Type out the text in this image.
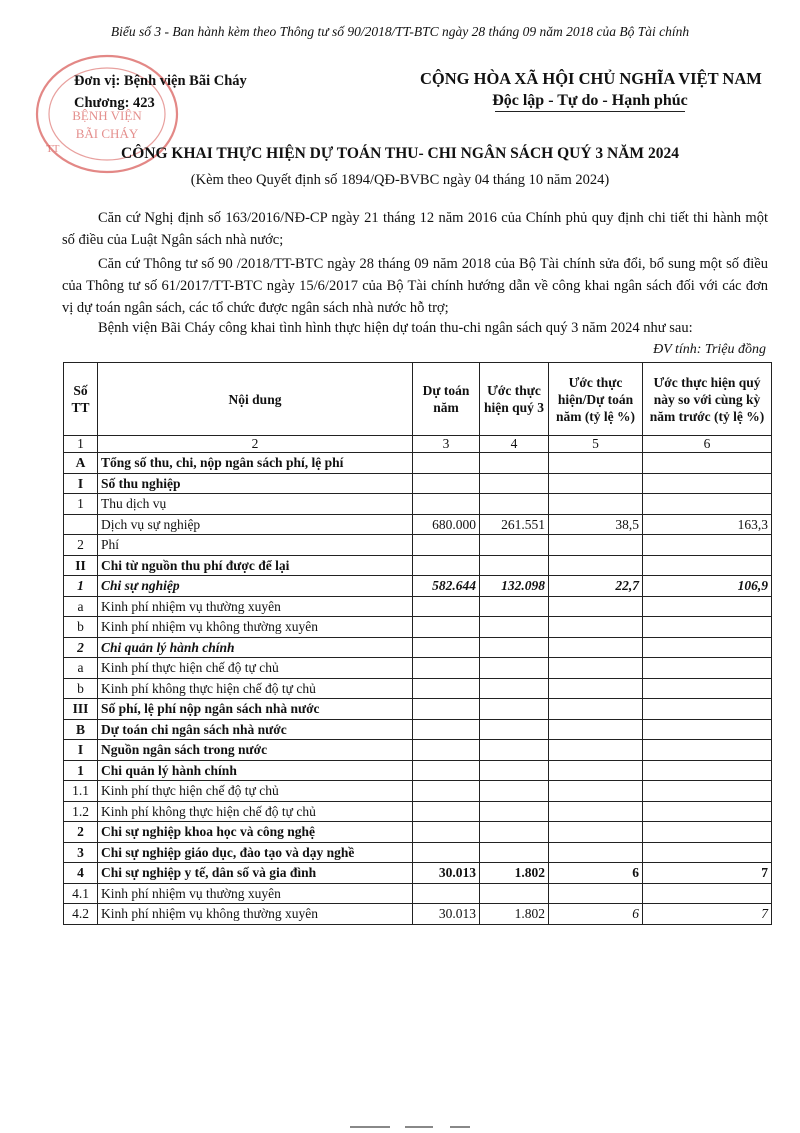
Biểu số 3 - Ban hành kèm theo Thông tư số 90/2018/TT-BTC ngày 28 tháng 09 năm 2018 của Bộ Tài chính
BỆNH VIỆN
BÃI CHÁY
TT
Đơn vị: Bệnh viện Bãi Cháy
Chương: 423
CỘNG HÒA XÃ HỘI CHỦ NGHĨA VIỆT NAM
Độc lập - Tự do - Hạnh phúc
CÔNG KHAI THỰC HIỆN DỰ TOÁN THU- CHI NGÂN SÁCH QUÝ 3 NĂM 2024
(Kèm theo Quyết định số 1894/QĐ-BVBC ngày 04 tháng 10 năm 2024)
Căn cứ Nghị định số 163/2016/NĐ-CP ngày 21 tháng 12 năm 2016 của Chính phủ quy định chi tiết thi hành một số điều của Luật Ngân sách nhà nước;
Căn cứ Thông tư số 90 /2018/TT-BTC ngày 28 tháng 09 năm 2018 của Bộ Tài chính sửa đổi, bổ sung một số điều của Thông tư số 61/2017/TT-BTC ngày 15/6/2017 của Bộ Tài chính hướng dẫn về công khai ngân sách đối với các đơn vị dự toán ngân sách, các tổ chức được ngân sách nhà nước hỗ trợ;
Bệnh viện Bãi Cháy công khai tình hình thực hiện dự toán thu-chi ngân sách quý 3 năm 2024 như sau:
ĐV tính: Triệu đồng
Số TT	Nội dung	Dự toán năm	Ước thực hiện quý 3	Ước thực hiện/Dự toán năm (tỷ lệ %)	Ước thực hiện quý này so với cùng kỳ năm trước (tỷ lệ %)
1	2	3	4	5	6
A	Tổng số thu, chi, nộp ngân sách phí, lệ phí				
I	Số thu nghiệp				
1	Thu dịch vụ				
	Dịch vụ sự nghiệp	680.000	261.551	38,5	163,3
2	Phí				
II	Chi từ nguồn thu phí được để lại				
1	Chi sự nghiệp	582.644	132.098	22,7	106,9
a	Kinh phí nhiệm vụ thường xuyên				
b	Kinh phí nhiệm vụ không thường xuyên				
2	Chi quản lý hành chính				
a	Kinh phí thực hiện chế độ tự chủ				
b	Kinh phí không thực hiện chế độ tự chủ				
III	Số phí, lệ phí nộp ngân sách nhà nước				
B	Dự toán chi ngân sách nhà nước				
I	Nguồn ngân sách trong nước				
1	Chi quản lý hành chính				
1.1	Kinh phí thực hiện chế độ tự chủ				
1.2	Kinh phí không thực hiện chế độ tự chủ				
2	Chi sự nghiệp khoa học và công nghệ				
3	Chi sự nghiệp giáo dục, đào tạo và dạy nghề				
4	Chi sự nghiệp y tế, dân số và gia đình	30.013	1.802	6	7
4.1	Kinh phí nhiệm vụ thường xuyên				
4.2	Kinh phí nhiệm vụ không thường xuyên	30.013	1.802	6	7
